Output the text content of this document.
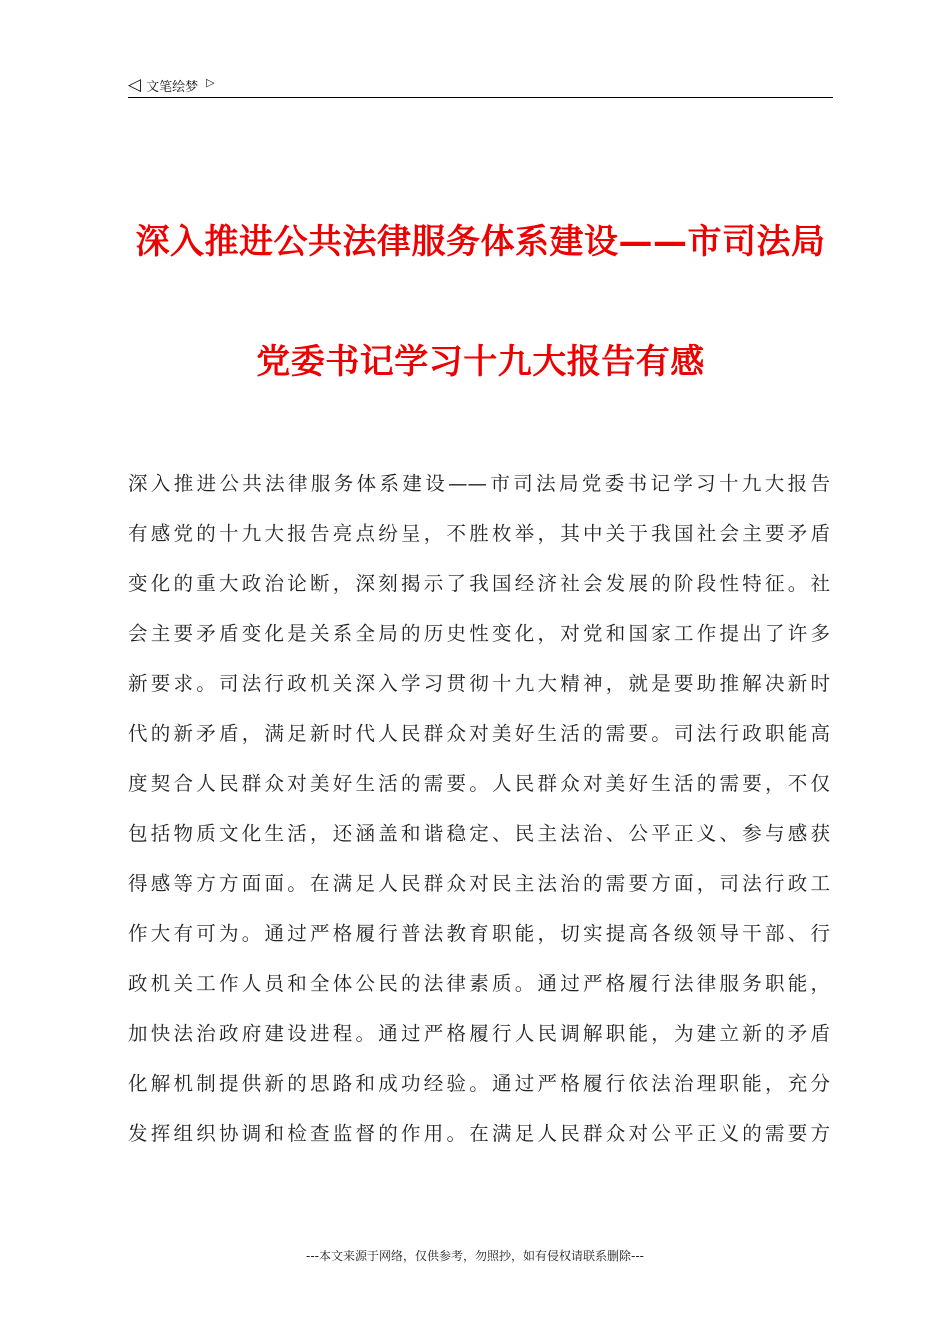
◁ 文笔绘梦 ▷
深入推进公共法律服务体系建设——市司法局
党委书记学习十九大报告有感
深入推进公共法律服务体系建设——市司法局党委书记学习十九大报告
有感党的十九大报告亮点纷呈，不胜枚举，其中关于我国社会主要矛盾
变化的重大政治论断，深刻揭示了我国经济社会发展的阶段性特征。社
会主要矛盾变化是关系全局的历史性变化，对党和国家工作提出了许多
新要求。司法行政机关深入学习贯彻十九大精神，就是要助推解决新时
代的新矛盾，满足新时代人民群众对美好生活的需要。司法行政职能高
度契合人民群众对美好生活的需要。人民群众对美好生活的需要，不仅
包括物质文化生活，还涵盖和谐稳定、民主法治、公平正义、参与感获
得感等方方面面。在满足人民群众对民主法治的需要方面，司法行政工
作大有可为。通过严格履行普法教育职能，切实提高各级领导干部、行
政机关工作人员和全体公民的法律素质。通过严格履行法律服务职能，
加快法治政府建设进程。通过严格履行人民调解职能，为建立新的矛盾
化解机制提供新的思路和成功经验。通过严格履行依法治理职能，充分
发挥组织协调和检查监督的作用。在满足人民群众对公平正义的需要方
---本文来源于网络，仅供参考，勿照抄，如有侵权请联系删除---
